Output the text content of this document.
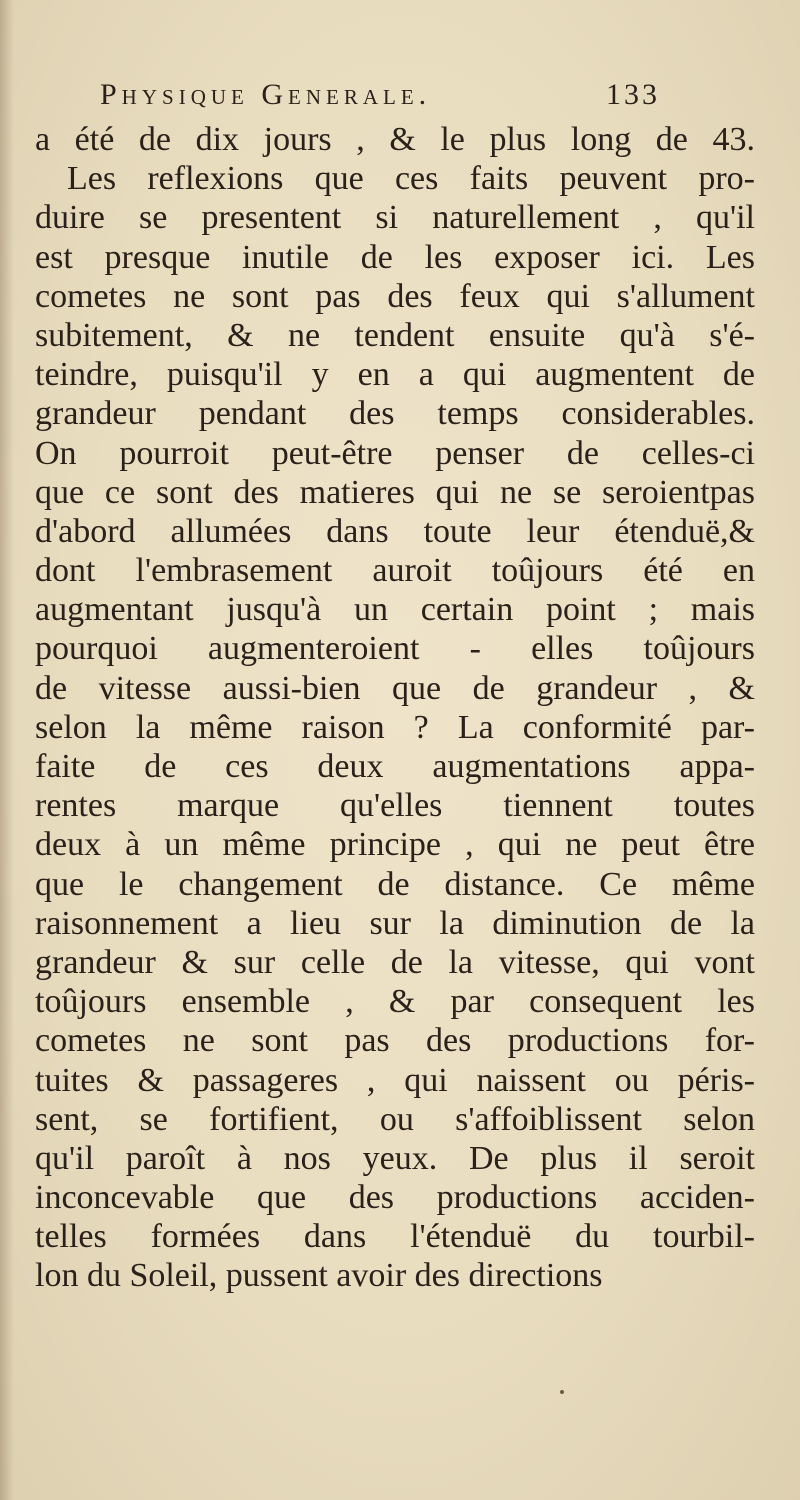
Physique Generale.	133
a été de dix jours , & le plus long de 43.
Les reflexions que ces faits peuvent pro-
duire se presentent si naturellement , qu'il
est presque inutile de les exposer ici. Les
cometes ne sont pas des feux qui s'allument
subitement, & ne tendent ensuite qu'à s'é-
teindre, puisqu'il y en a qui augmentent de
grandeur pendant des temps considerables.
On pourroit peut-être penser de celles-ci
que ce sont des matieres qui ne se seroientpas
d'abord allumées dans toute leur étenduë,&
dont l'embrasement auroit toûjours été en
augmentant jusqu'à un certain point ; mais
pourquoi augmenteroient - elles toûjours
de vitesse aussi-bien que de grandeur , &
selon la même raison ? La conformité par-
faite de ces deux augmentations appa-
rentes marque qu'elles tiennent toutes
deux à un même principe , qui ne peut être
que le changement de distance. Ce même
raisonnement a lieu sur la diminution de la
grandeur & sur celle de la vitesse, qui vont
toûjours ensemble , & par consequent les
cometes ne sont pas des productions for-
tuites & passageres , qui naissent ou péris-
sent, se fortifient, ou s'affoiblissent selon
qu'il paroît à nos yeux. De plus il seroit
inconcevable que des productions acciden-
telles formées dans l'étenduë du tourbil-
lon du Soleil, pussent avoir des directions
